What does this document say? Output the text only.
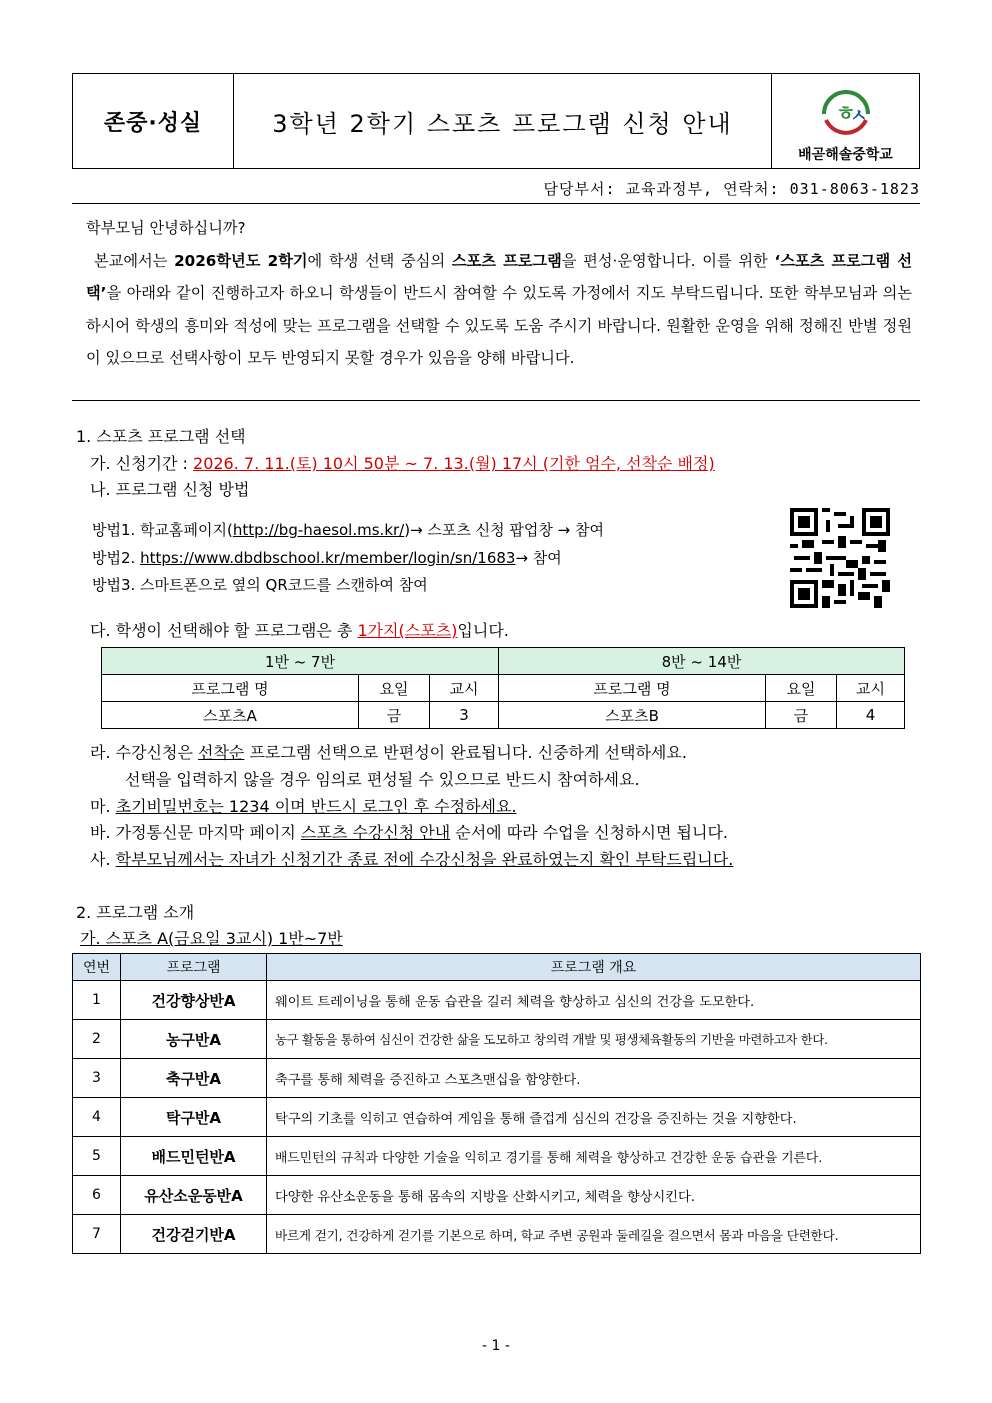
존중·성실	3학년 2학기 스포츠 프로그램 신청 안내	ㅎ
ㅅ
배곧해솔중학교
담당부서: 교육과정부, 연락처: 031-8063-1823

학부모님 안녕하십니까?

본교에서는 2026학년도 2학기에 학생 선택 중심의 스포츠 프로그램을 편성·운영합니다. 이를 위한 ‘스포츠 프로그램 선택’을 아래와 같이 진행하고자 하오니 학생들이 반드시 참여할 수 있도록 가정에서 지도 부탁드립니다. 또한 학부모님과 의논하시어 학생의 흥미와 적성에 맞는 프로그램을 선택할 수 있도록 도움 주시기 바랍니다. 원활한 운영을 위해 정해진 반별 정원이 있으므로 선택사항이 모두 반영되지 못할 경우가 있음을 양해 바랍니다.

1. 스포츠 프로그램 선택
가. 신청기간 : 2026. 7. 11.(토) 10시 50분 ~ 7. 13.(월) 17시 (기한 엄수, 선착순 배정)
나. 프로그램 신청 방법
방법1. 학교홈페이지(http://bg-haesol.ms.kr/)→ 스포츠 신청 팝업창 → 참여
방법2. https://www.dbdbschool.kr/member/login/sn/1683→ 참여
방법3. 스마트폰으로 옆의 QR코드를 스캔하여 참여
다. 학생이 선택해야 할 프로그램은 총 1가지(스포츠)입니다.
1반 ~ 7반			8반 ~ 14반		
프로그램 명	요일	교시	프로그램 명	요일	교시
스포츠A	금	3	스포츠B	금	4
라. 수강신청은 선착순 프로그램 선택으로 반편성이 완료됩니다. 신중하게 선택하세요.
선택을 입력하지 않을 경우 임의로 편성될 수 있으므로 반드시 참여하세요.
마. 초기비밀번호는 1234 이며 반드시 로그인 후 수정하세요.
바. 가정통신문 마지막 페이지 스포츠 수강신청 안내 순서에 따라 수업을 신청하시면 됩니다.
사. 학부모님께서는 자녀가 신청기간 종료 전에 수강신청을 완료하였는지 확인 부탁드립니다.
2. 프로그램 소개
가. 스포츠 A(금요일 3교시) 1반~7반
연번	프로그램	프로그램 개요
1	건강향상반A	웨이트 트레이닝을 통해 운동 습관을 길러 체력을 향상하고 심신의 건강을 도모한다.
2	농구반A	농구 활동을 통하여 심신이 건강한 삶을 도모하고 창의력 개발 및 평생체육활동의 기반을 마련하고자 한다.
3	축구반A	축구를 통해 체력을 증진하고 스포츠맨십을 함양한다.
4	탁구반A	탁구의 기초를 익히고 연습하여 게임을 통해 즐겁게 심신의 건강을 증진하는 것을 지향한다.
5	배드민턴반A	배드민턴의 규칙과 다양한 기술을 익히고 경기를 통해 체력을 향상하고 건강한 운동 습관을 기른다.
6	유산소운동반A	다양한 유산소운동을 통해 몸속의 지방을 산화시키고, 체력을 향상시킨다.
7	건강걷기반A	바르게 걷기, 건강하게 걷기를 기본으로 하며, 학교 주변 공원과 둘레길을 걸으면서 몸과 마음을 단련한다.
- 1 -
